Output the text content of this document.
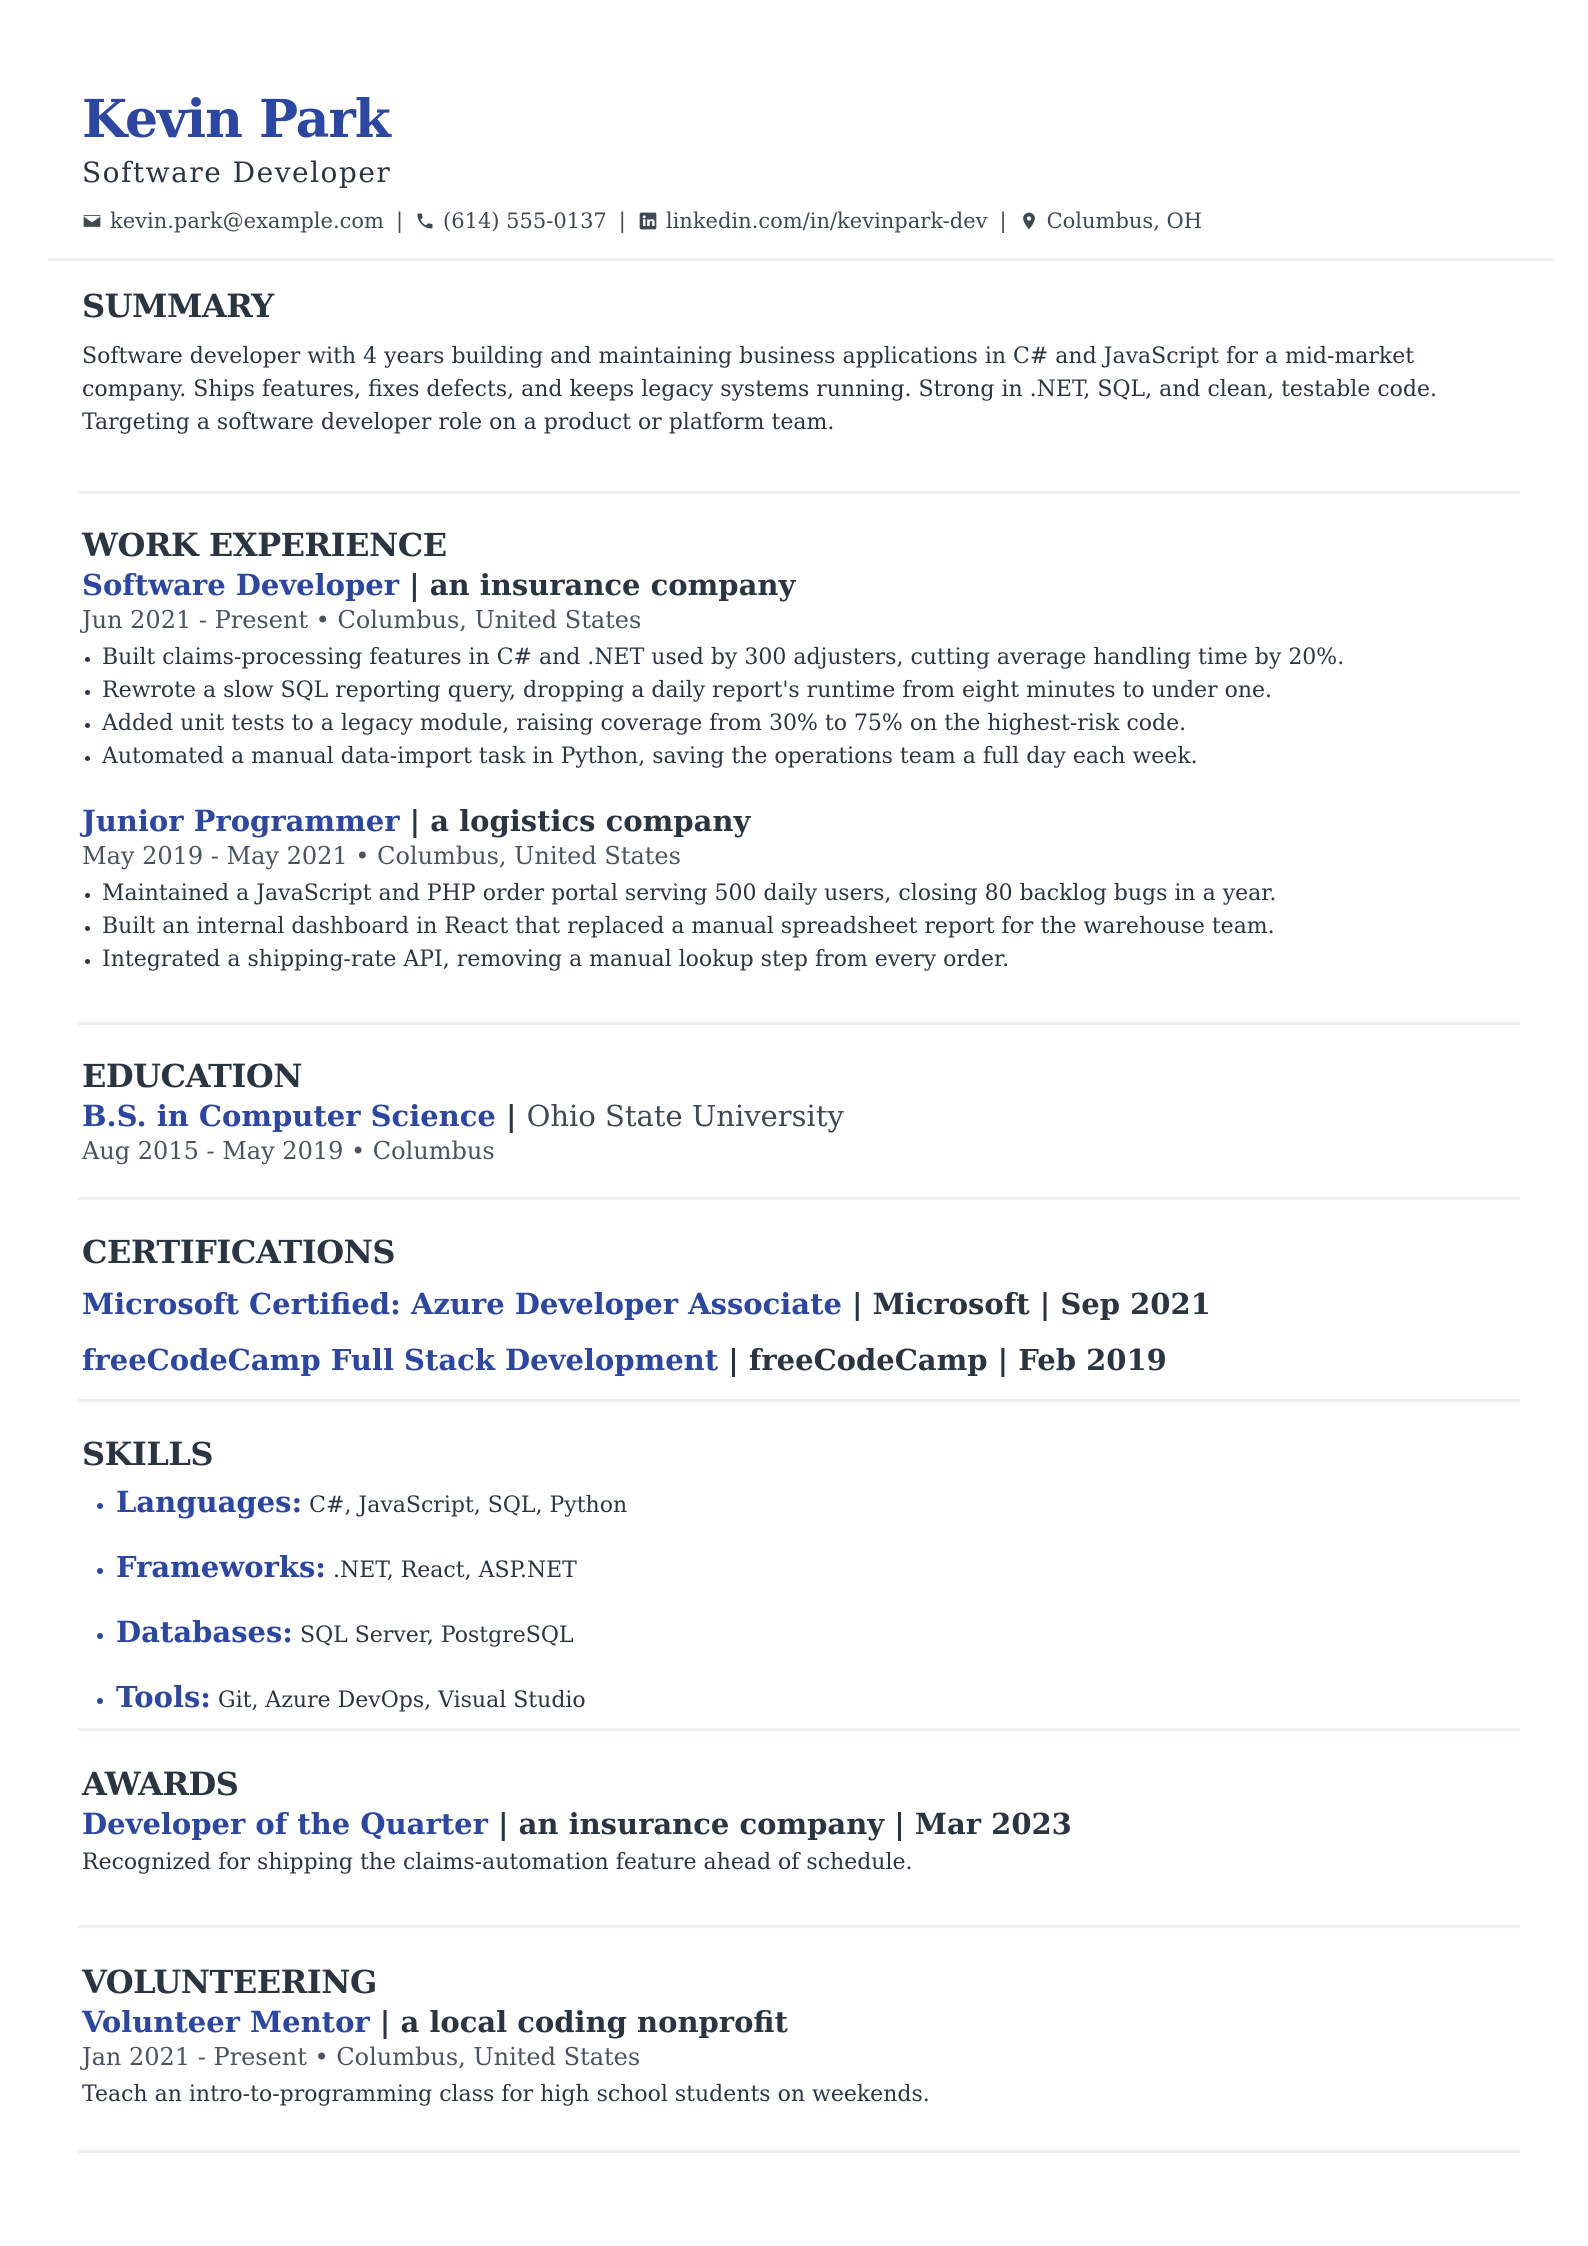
Kevin Park
Software Developer
kevin.park@example.com | (614) 555-0137 | linkedin.com/in/kevinpark-dev | Columbus, OH
SUMMARY
Software developer with 4 years building and maintaining business applications in C# and JavaScript for a mid-market company. Ships features, fixes defects, and keeps legacy systems running. Strong in .NET, SQL, and clean, testable code. Targeting a software developer role on a product or platform team.
WORK EXPERIENCE
Software Developer | an insurance company
Jun 2021 - Present • Columbus, United States
• Built claims-processing features in C# and .NET used by 300 adjusters, cutting average handling time by 20%.
• Rewrote a slow SQL reporting query, dropping a daily report's runtime from eight minutes to under one.
• Added unit tests to a legacy module, raising coverage from 30% to 75% on the highest-risk code.
• Automated a manual data-import task in Python, saving the operations team a full day each week.
Junior Programmer | a logistics company
May 2019 - May 2021 • Columbus, United States
• Maintained a JavaScript and PHP order portal serving 500 daily users, closing 80 backlog bugs in a year.
• Built an internal dashboard in React that replaced a manual spreadsheet report for the warehouse team.
• Integrated a shipping-rate API, removing a manual lookup step from every order.
EDUCATION
B.S. in Computer Science | Ohio State University
Aug 2015 - May 2019 • Columbus
CERTIFICATIONS
Microsoft Certified: Azure Developer Associate | Microsoft | Sep 2021
freeCodeCamp Full Stack Development | freeCodeCamp | Feb 2019
SKILLS
• Languages: C#, JavaScript, SQL, Python
• Frameworks: .NET, React, ASP.NET
• Databases: SQL Server, PostgreSQL
• Tools: Git, Azure DevOps, Visual Studio
AWARDS
Developer of the Quarter | an insurance company | Mar 2023
Recognized for shipping the claims-automation feature ahead of schedule.
VOLUNTEERING
Volunteer Mentor | a local coding nonprofit
Jan 2021 - Present • Columbus, United States
Teach an intro-to-programming class for high school students on weekends.
